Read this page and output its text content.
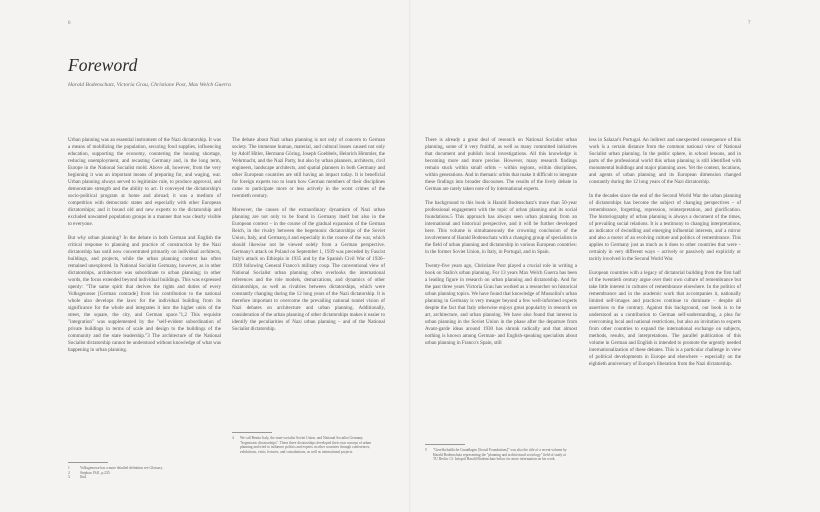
6	7
Foreword
Harald Bodenschatz, Victoria Grau, Christiane Post, Max Welch Guerra

Urban planning was an essential instrument of the Nazi dictatorship. It was a means of mobilizing the population, securing food supplies, influencing education, supporting the economy, countering the housing shortage, reducing unemployment, and recasting Germany and, in the long term, Europe in the National Socialist mold. Above all, however, from the very beginning it was an important means of preparing for, and waging, war. Urban planning always served to legitimize rule, to produce approval, and demonstrate strength and the ability to act. It conveyed the dictatorship's socio-political program at home and abroad; it was a medium of competition with democratic states and especially with other European dictatorships; and it bound old and new experts to the dictatorship and excluded unwanted population groups in a manner that was clearly visible to everyone.

But why urban planning? In the debate in both German and English the critical response to planning and practice of construction by the Nazi dictatorship has until now concentrated primarily on individual architects, buildings, and projects, while the urban planning context has often remained unexplored. In National Socialist Germany, however, as in other dictatorships, architecture was subordinate to urban planning; in other words, the focus extended beyond individual buildings. This was expressed openly: "The same spirit that derives the rights and duties of every Volksgenosse [German comrade] from his contribution to the national whole also develops the laws for the individual building from its significance for the whole and integrates it into the higher units of the street, the square, the city, and German space."1,2 This requisite "integration" was supplemented by the "self-evident subordination of private buildings in terms of scale and design to the buildings of the community and the state leadership."3 The architecture of the National Socialist dictatorship cannot be understood without knowledge of what was happening in urban planning.

The debate about Nazi urban planning is not only of concern to German society. The immense human, material, and cultural losses caused not only by Adolf Hitler, Hermann Göring, Joseph Goebbels, Heinrich Himmler, the Wehrmacht, and the Nazi Party, but also by urban planners, architects, civil engineers, landscape architects, and spatial planners in both Germany and other European countries are still having an impact today. It is beneficial for foreign experts too to learn how German members of their disciplines came to participate more or less actively in the worst crimes of the twentieth century.

Moreover, the causes of the extraordinary dynamism of Nazi urban planning are not only to be found in Germany itself but also in the European context – in the course of the gradual expansion of the German Reich, in the rivalry between the hegemonic dictatorships of the Soviet Union, Italy, and Germany,4 and especially in the course of the war, which should likewise not be viewed solely from a German perspective. Germany's attack on Poland on September 1, 1939 was preceded by Fascist Italy's attack on Ethiopia in 1935 and by the Spanish Civil War of 1936–1939 following General Franco's military coup. The conventional view of National Socialist urban planning often overlooks the international references and the role models, demarcations, and dynamics of other dictatorships, as well as rivalries between dictatorships, which were constantly changing during the 12 long years of the Nazi dictatorship. It is therefore important to overcome the prevailing national tunnel vision of Nazi debates on architecture and urban planning. Additionally, consideration of the urban planning of other dictatorships makes it easier to identify the peculiarities of Nazi urban planning – and of the National Socialist dictatorship.

There is already a great deal of research on National Socialist urban planning, some of it very fruitful, as well as many committed initiatives that document and publish local investigations. All this knowledge is becoming more and more precise. However, many research findings remain stuck within small orbits – within regions, within disciplines, within generations. And in thematic orbits that make it difficult to integrate these findings into broader discourses. The results of the lively debate in German are rarely taken note of by international experts.

The background to this book is Harald Bodenschatz's more than 50-year professional engagement with the topic of urban planning and its social foundations.5 This approach has always seen urban planning from an international and historical perspective, and it will be further developed here. This volume is simultaneously the crowning conclusion of the involvement of Harald Bodenschatz with a changing group of specialists in the field of urban planning and dictatorship in various European countries: in the former Soviet Union, in Italy, in Portugal, and in Spain.

Twenty-five years ago, Christiane Post played a crucial role in writing a book on Stalin's urban planning. For 13 years Max Welch Guerra has been a leading figure in research on urban planning and dictatorship. And for the past three years Victoria Grau has worked as a researcher on historical urban planning topics. We have found that knowledge of Mussolini's urban planning in Germany is very meager beyond a few well-informed experts despite the fact that Italy otherwise enjoys great popularity in research on art, architecture, and urban planning. We have also found that interest in urban planning in the Soviet Union in the phase after the departure from Avant-garde ideas around 1930 has shrunk radically and that almost nothing is known among German- and English-speaking specialists about urban planning in Franco's Spain, still

less in Salazar's Portugal. An indirect and unexpected consequence of this work is a certain distance from the common national view of National Socialist urban planning. In the public sphere, in school lessons, and in parts of the professional world this urban planning is still identified with monumental buildings and major planning axes. Yet the content, locations, and agents of urban planning and its European dimension changed constantly during the 12 long years of the Nazi dictatorship.

In the decades since the end of the Second World War the urban planning of dictatorships has become the subject of changing perspectives – of remembrance, forgetting, repression, reinterpretation, and glorification. The historiography of urban planning is always a document of the times, of prevailing social relations. It is a testimony to changing interpretations, an indicator of dwindling and emerging influential interests, and a mirror and also a motor of an evolving culture and politics of remembrance. This applies to Germany just as much as it does to other countries that were – certainly in very different ways – actively or passively and explicitly or tacitly involved in the Second World War.

European countries with a legacy of dictatorial building from the first half of the twentieth century argue over their own culture of remembrance but take little interest in cultures of remembrance elsewhere. In the politics of remembrance and in the academic work that accompanies it, nationally limited self-images and practices continue to dominate – despite all assertions to the contrary. Against this background, our book is to be understood as a contribution to German self-understanding, a plea for overcoming local and national restrictions, but also an invitation to experts from other countries to expand the international exchange on subjects, methods, results, and interpretations. The parallel publication of this volume in German and English is intended to promote the urgently needed internationalization of these debates. This is a particular challenge in view of political developments in Europe and elsewhere – especially on the eightieth anniversary of Europe's liberation from the Nazi dictatorship.

1	Volksgenosse has a more detailed definition see Glossary.
2	Stephan 1941, p.235.
3	Ibid.
4	We call Benito Italy, the state-socialist Soviet Union, and National Socialist Germany "hegemonic dictatorships". These three dictatorships developed their own concept of urban planning and tried to influence politics and experts in other countries through conferences, exhibitions, visits, lectures, and consultations, as well as international projects.	5	"Gesellschaftliche Grundlagen [Social Foundations]" was also the title of a recent volume by Harald Bodenschatz representing the "planning and architectural sociology" field of study at TU Berlin. Cf. Infopril Harald Bodenschatz below for more information on his work.
